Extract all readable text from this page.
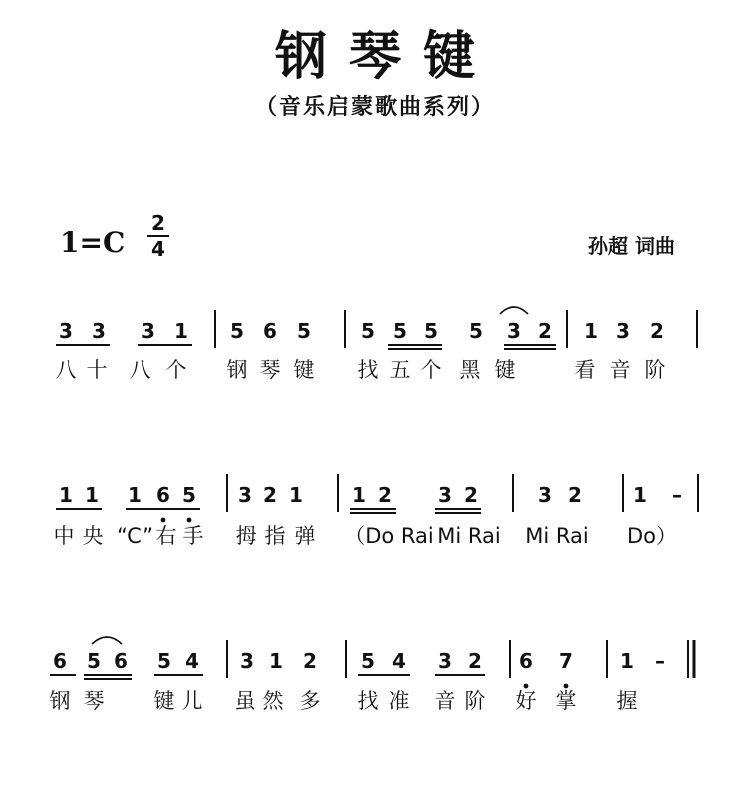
钢琴键
（音乐启蒙歌曲系列）
1=C
2
4	孙超 词曲
3 3 3 1 5 6 5	5 5 5 5 3 2 1 3 2
八 十 八 个 钢 琴 键 找 五 个 黑 键	看 音 阶
1 1 1 6 5 3 2 1 1 2 3 2	3 2	1 –
中 央 “C” 右 手 拇 指 弹 （Do Rai Mi Rai Mi Rai Do）
6 5 6 5 4 3 1 2 5 4 3 2 6 7 1 –
钢 琴 键 儿 虽 然 多 找 准 音 阶 好 掌 握
